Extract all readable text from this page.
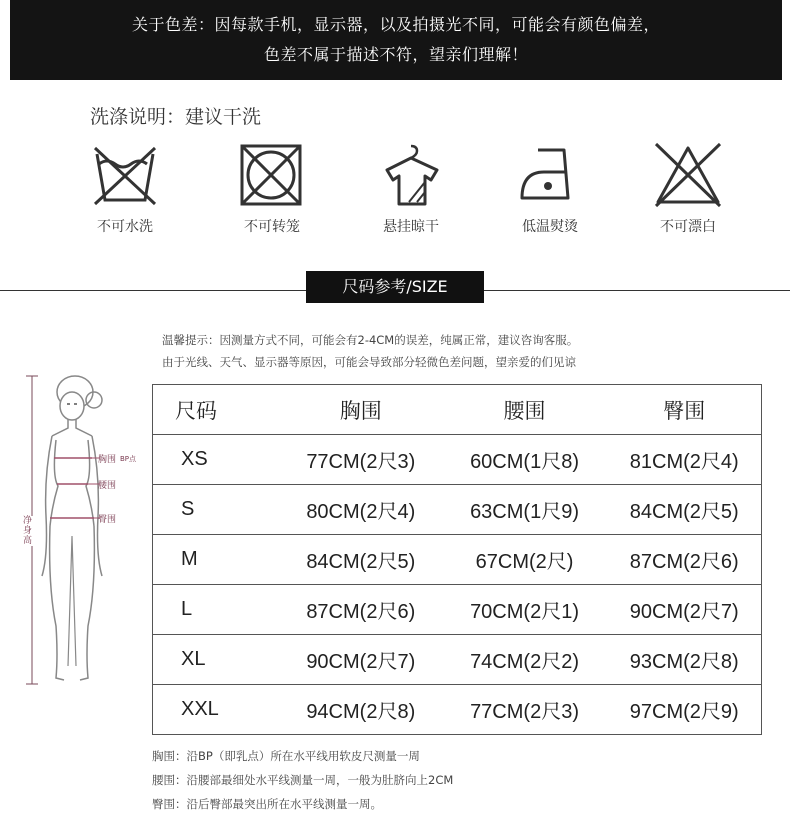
关于色差：因每款手机，显示器，以及拍摄光不同，可能会有颜色偏差，
色差不属于描述不符，望亲们理解！
洗涤说明：建议干洗
不可水洗	不可转笼	悬挂晾干	低温熨烫	不可漂白
尺码参考/SIZE
温馨提示：因测量方式不同，可能会有2-4CM的误差，纯属正常，建议咨询客服。
由于光线、天气、显示器等原因，可能会导致部分轻微色差问题，望亲爱的们见谅
胸围 BP点
腰围
臀围
净身高
尺码	胸围	腰围	臀围
XS	77CM(2尺3)	60CM(1尺8)	81CM(2尺4)
S	80CM(2尺4)	63CM(1尺9)	84CM(2尺5)
M	84CM(2尺5)	67CM(2尺)	87CM(2尺6)
L	87CM(2尺6)	70CM(2尺1)	90CM(2尺7)
XL	90CM(2尺7)	74CM(2尺2)	93CM(2尺8)
XXL	94CM(2尺8)	77CM(2尺3)	97CM(2尺9)
胸围：沿BP（即乳点）所在水平线用软皮尺测量一周
腰围：沿腰部最细处水平线测量一周，一般为肚脐向上2CM
臀围：沿后臀部最突出所在水平线测量一周。
